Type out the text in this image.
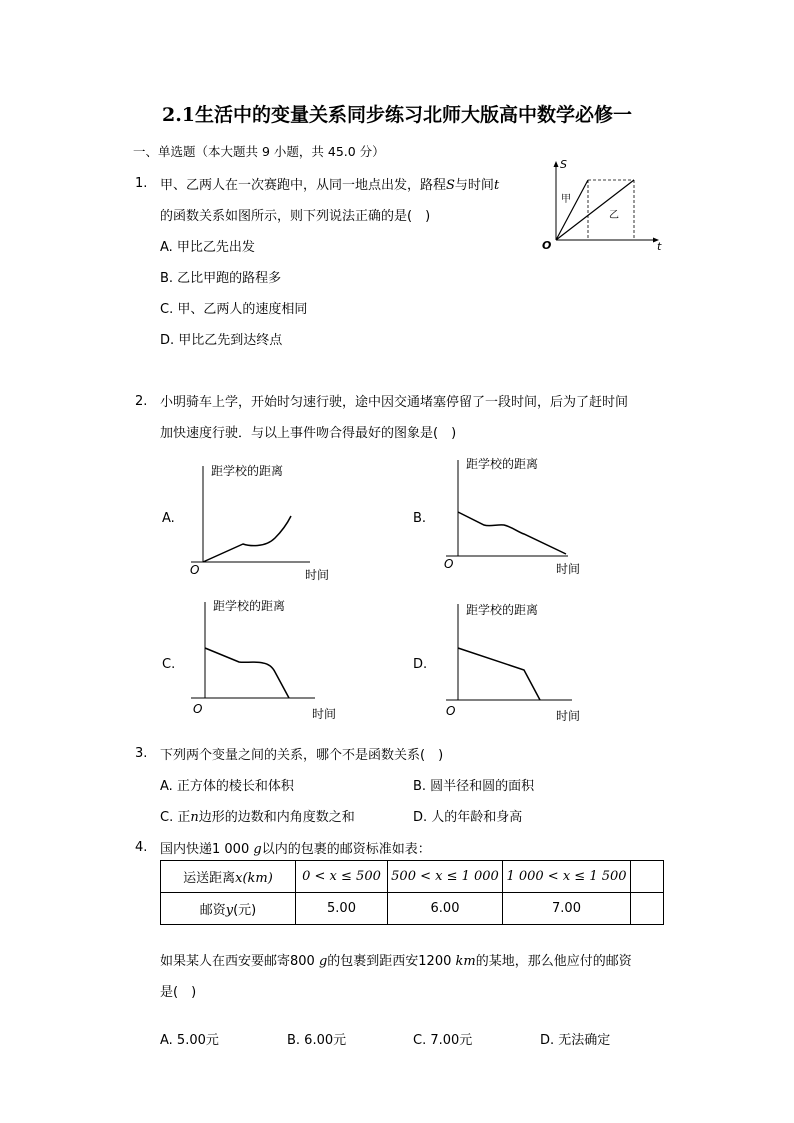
2.1生活中的变量关系同步练习北师大版高中数学必修一
一、单选题（本大题共 9 小题，共 45.0 分）
1. 甲、乙两人在一次赛跑中，从同一地点出发，路程S与时间t
的函数关系如图所示，则下列说法正确的是(　)
A. 甲比乙先出发
B. 乙比甲跑的路程多
C. 甲、乙两人的速度相同
D. 甲比乙先到达终点
S
t
O
甲
乙
2. 小明骑车上学，开始时匀速行驶，途中因交通堵塞停留了一段时间，后为了赶时间
加快速度行驶．与以上事件吻合得最好的图象是(　)
A.
距学校的距离
时间
O
B.
距学校的距离
时间
O
C.
距学校的距离
时间
O
D.
距学校的距离
时间
O
3. 下列两个变量之间的关系，哪个不是函数关系(　)
A. 正方体的棱长和体积	B. 圆半径和圆的面积
C. 正n边形的边数和内角度数之和	D. 人的年龄和身高
4. 国内快递1 000 g以内的包裹的邮资标准如表：
运送距离x(km)	0 < x ≤ 500	500 < x ≤ 1 000	1 000 < x ≤ 1 500	
邮资y(元)	5.00	6.00	7.00	
如果某人在西安要邮寄800 g的包裹到距西安1200 km的某地，那么他应付的邮资
是(　)
A. 5.00元	B. 6.00元	C. 7.00元	D. 无法确定
